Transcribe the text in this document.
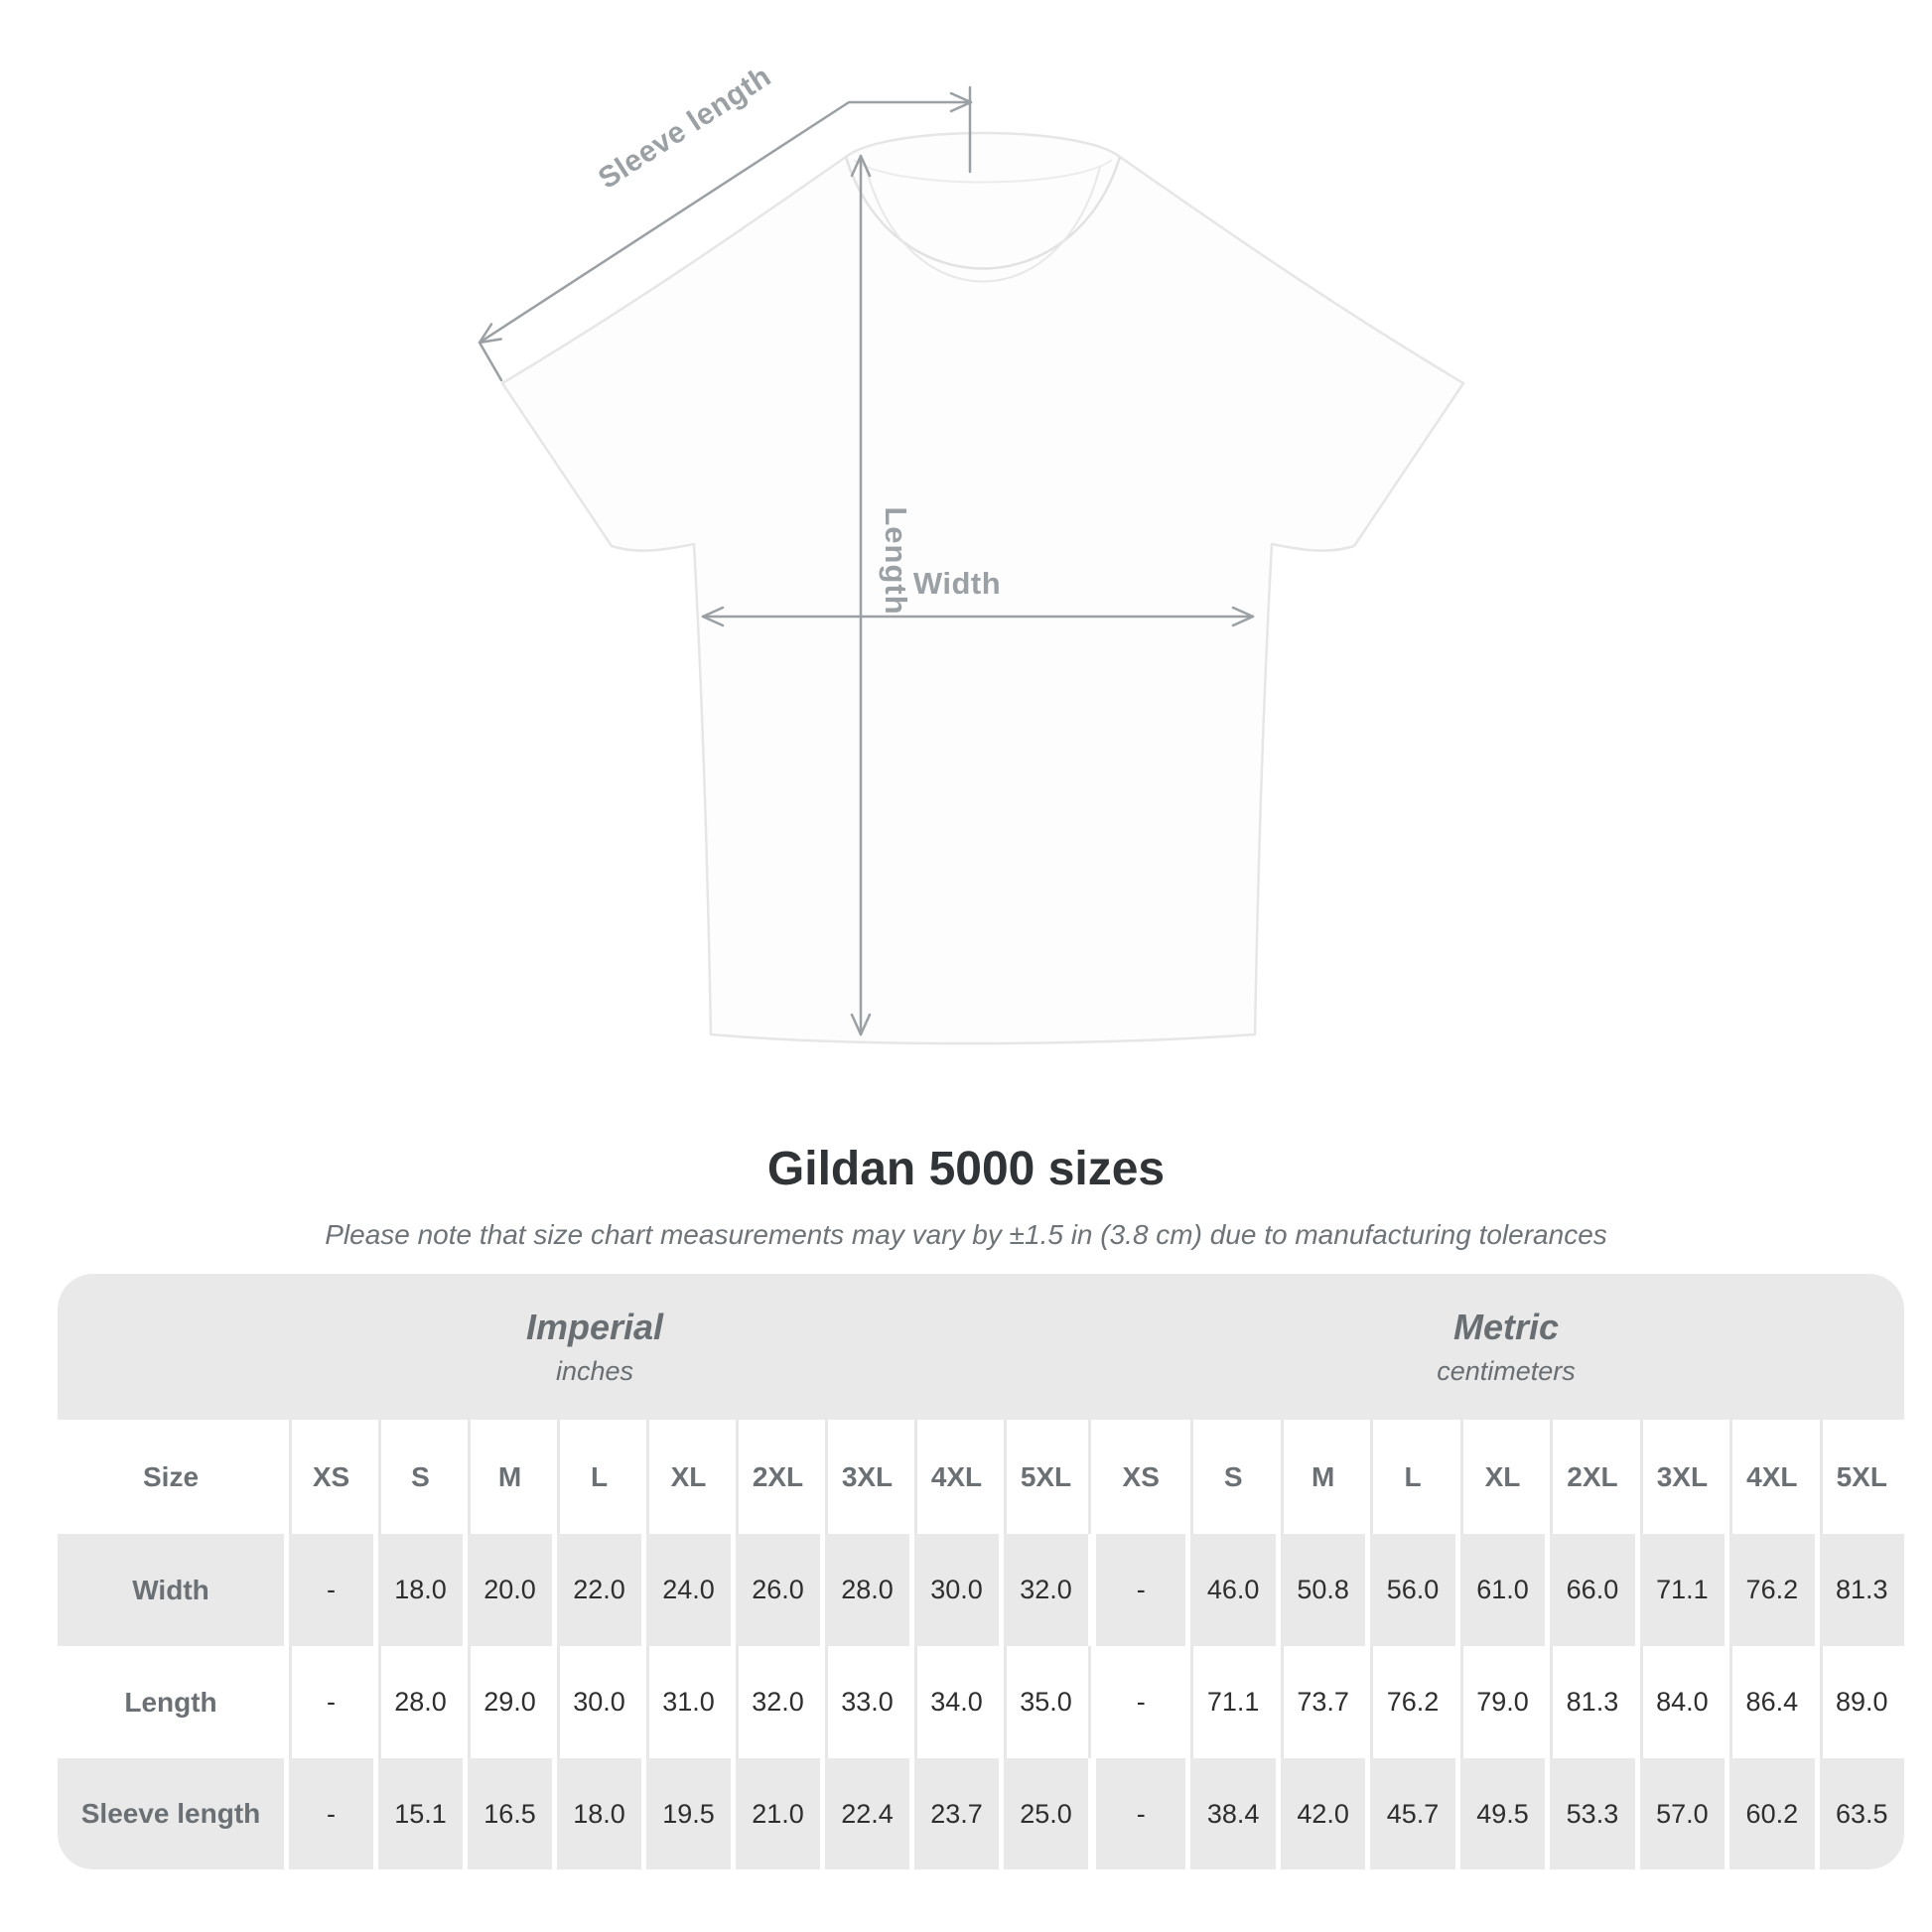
Sleeve length
Length Width
Gildan 5000 sizes
Please note that size chart measurements may vary by ±1.5 in (3.8 cm) due to manufacturing tolerances
Imperial
inches
Metric
centimeters
Size	XS	S	M	L	XL	2XL	3XL	4XL	5XL	XS	S	M	L	XL	2XL	3XL	4XL	5XL
Width	-	18.0	20.0	22.0	24.0	26.0	28.0	30.0	32.0	-	46.0	50.8	56.0	61.0	66.0	71.1	76.2	81.3
Length	-	28.0	29.0	30.0	31.0	32.0	33.0	34.0	35.0	-	71.1	73.7	76.2	79.0	81.3	84.0	86.4	89.0
Sleeve length	-	15.1	16.5	18.0	19.5	21.0	22.4	23.7	25.0	-	38.4	42.0	45.7	49.5	53.3	57.0	60.2	63.5
